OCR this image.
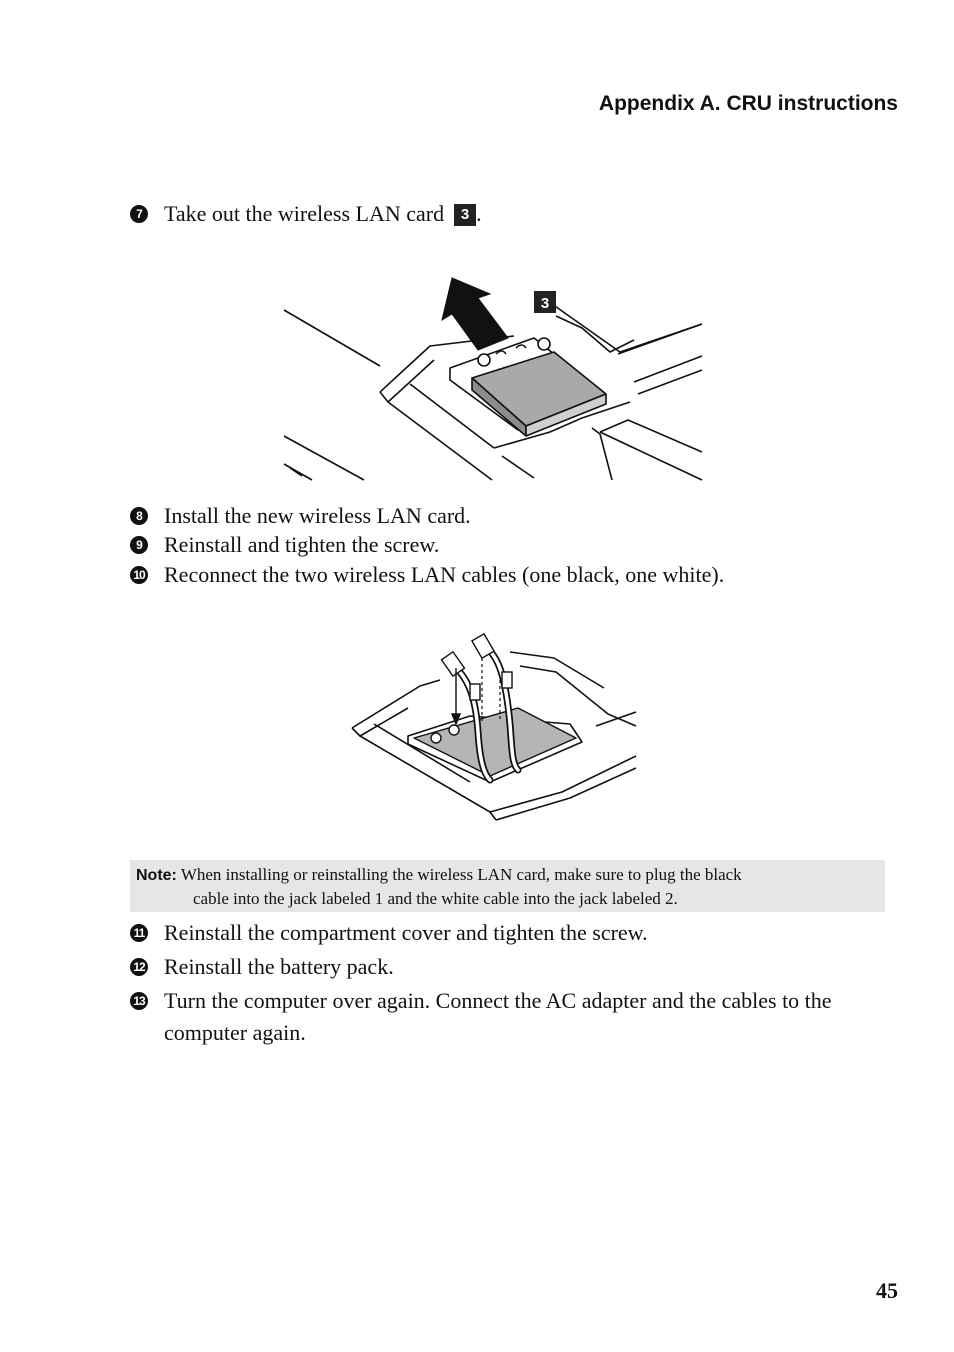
Appendix A. CRU instructions
7 Take out the wireless LAN card 3 .
3
8 Install the new wireless LAN card.
9 Reinstall and tighten the screw.
10 Reconnect the two wireless LAN cables (one black, one white).
Note: When installing or reinstalling the wireless LAN card, make sure to plug the black
cable into the jack labeled 1 and the white cable into the jack labeled 2.
11 Reinstall the compartment cover and tighten the screw.
12 Reinstall the battery pack.
13 Turn the computer over again. Connect the AC adapter and the cables to the computer again.
45
